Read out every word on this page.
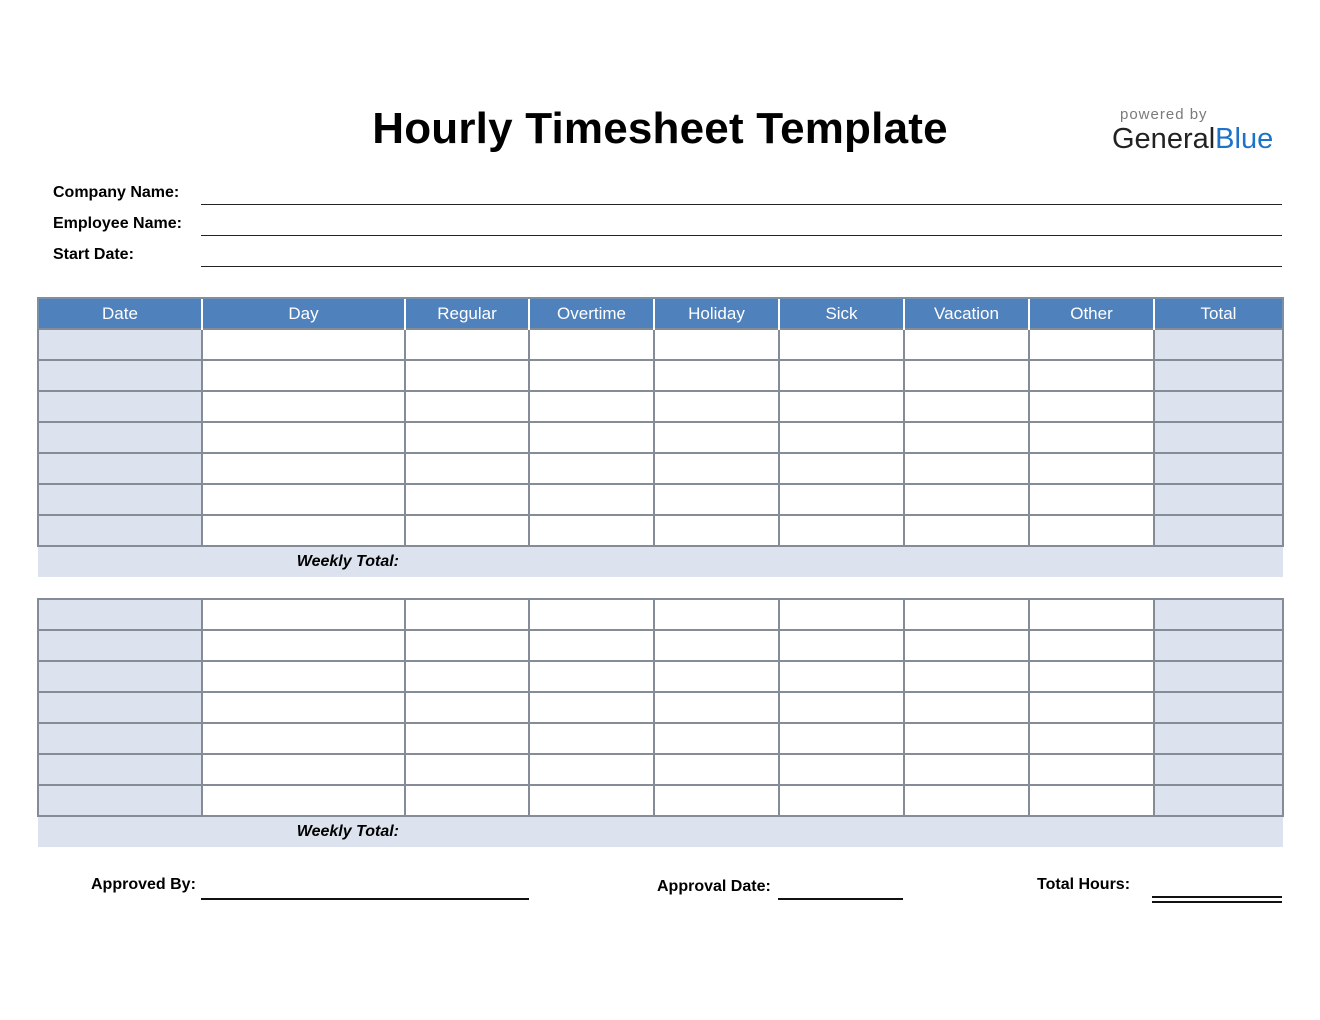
Hourly Timesheet Template	powered by
GeneralBlue
Company Name:
Employee Name:
Start Date:
Date	Day	Regular	Overtime	Holiday	Sick	Vacation	Other	Total

Weekly Total:								

Weekly Total:								
Approved By:	Approval Date:	Total Hours:
